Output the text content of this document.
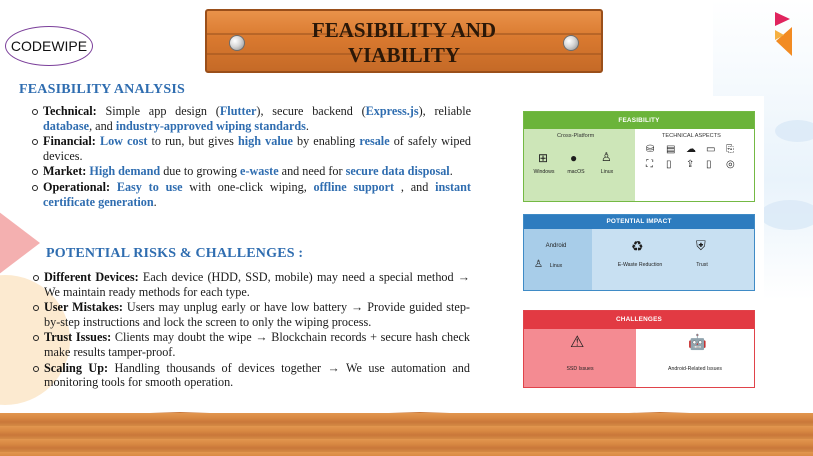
CODEWIPE
FEASIBILITY AND
VIABILITY
FEASIBILITY ANALYSIS
Technical: Simple app design (Flutter), secure backend (Express.js), reliable database, and industry-approved wiping standards.
Financial: Low cost to run, but gives high value by enabling resale of safely wiped devices.
Market: High demand due to growing e-waste and need for secure data disposal.
Operational: Easy to use with one-click wiping, offline support , and instant certificate generation.
POTENTIAL RISKS & CHALLENGES :
Different Devices: Each device (HDD, SSD, mobile) may need a special method → We maintain ready methods for each type.
User Mistakes: Users may unplug early or have low battery → Provide guided step-by-step instructions and lock the screen to only the wiping process.
Trust Issues: Clients may doubt the wipe → Blockchain records + secure hash check make results tamper-proof.
Scaling Up: Handling thousands of devices together → We use automation and monitoring tools for smooth operation.
FEASIBILITY
Cross-Platform
⊞ ● ♙
Windows	macOS	Linux
TECHNICAL ASPECTS
⛁ ▤ ☁ ▭ ⎘
⛶ ▯ ⇪ ▯ ◎
POTENTIAL IMPACT
Android
♙	Linux
♻
E-Waste Reduction
⛨
Trust
CHALLENGES
⚠
SSD Issues
🤖
Android-Related Issues
